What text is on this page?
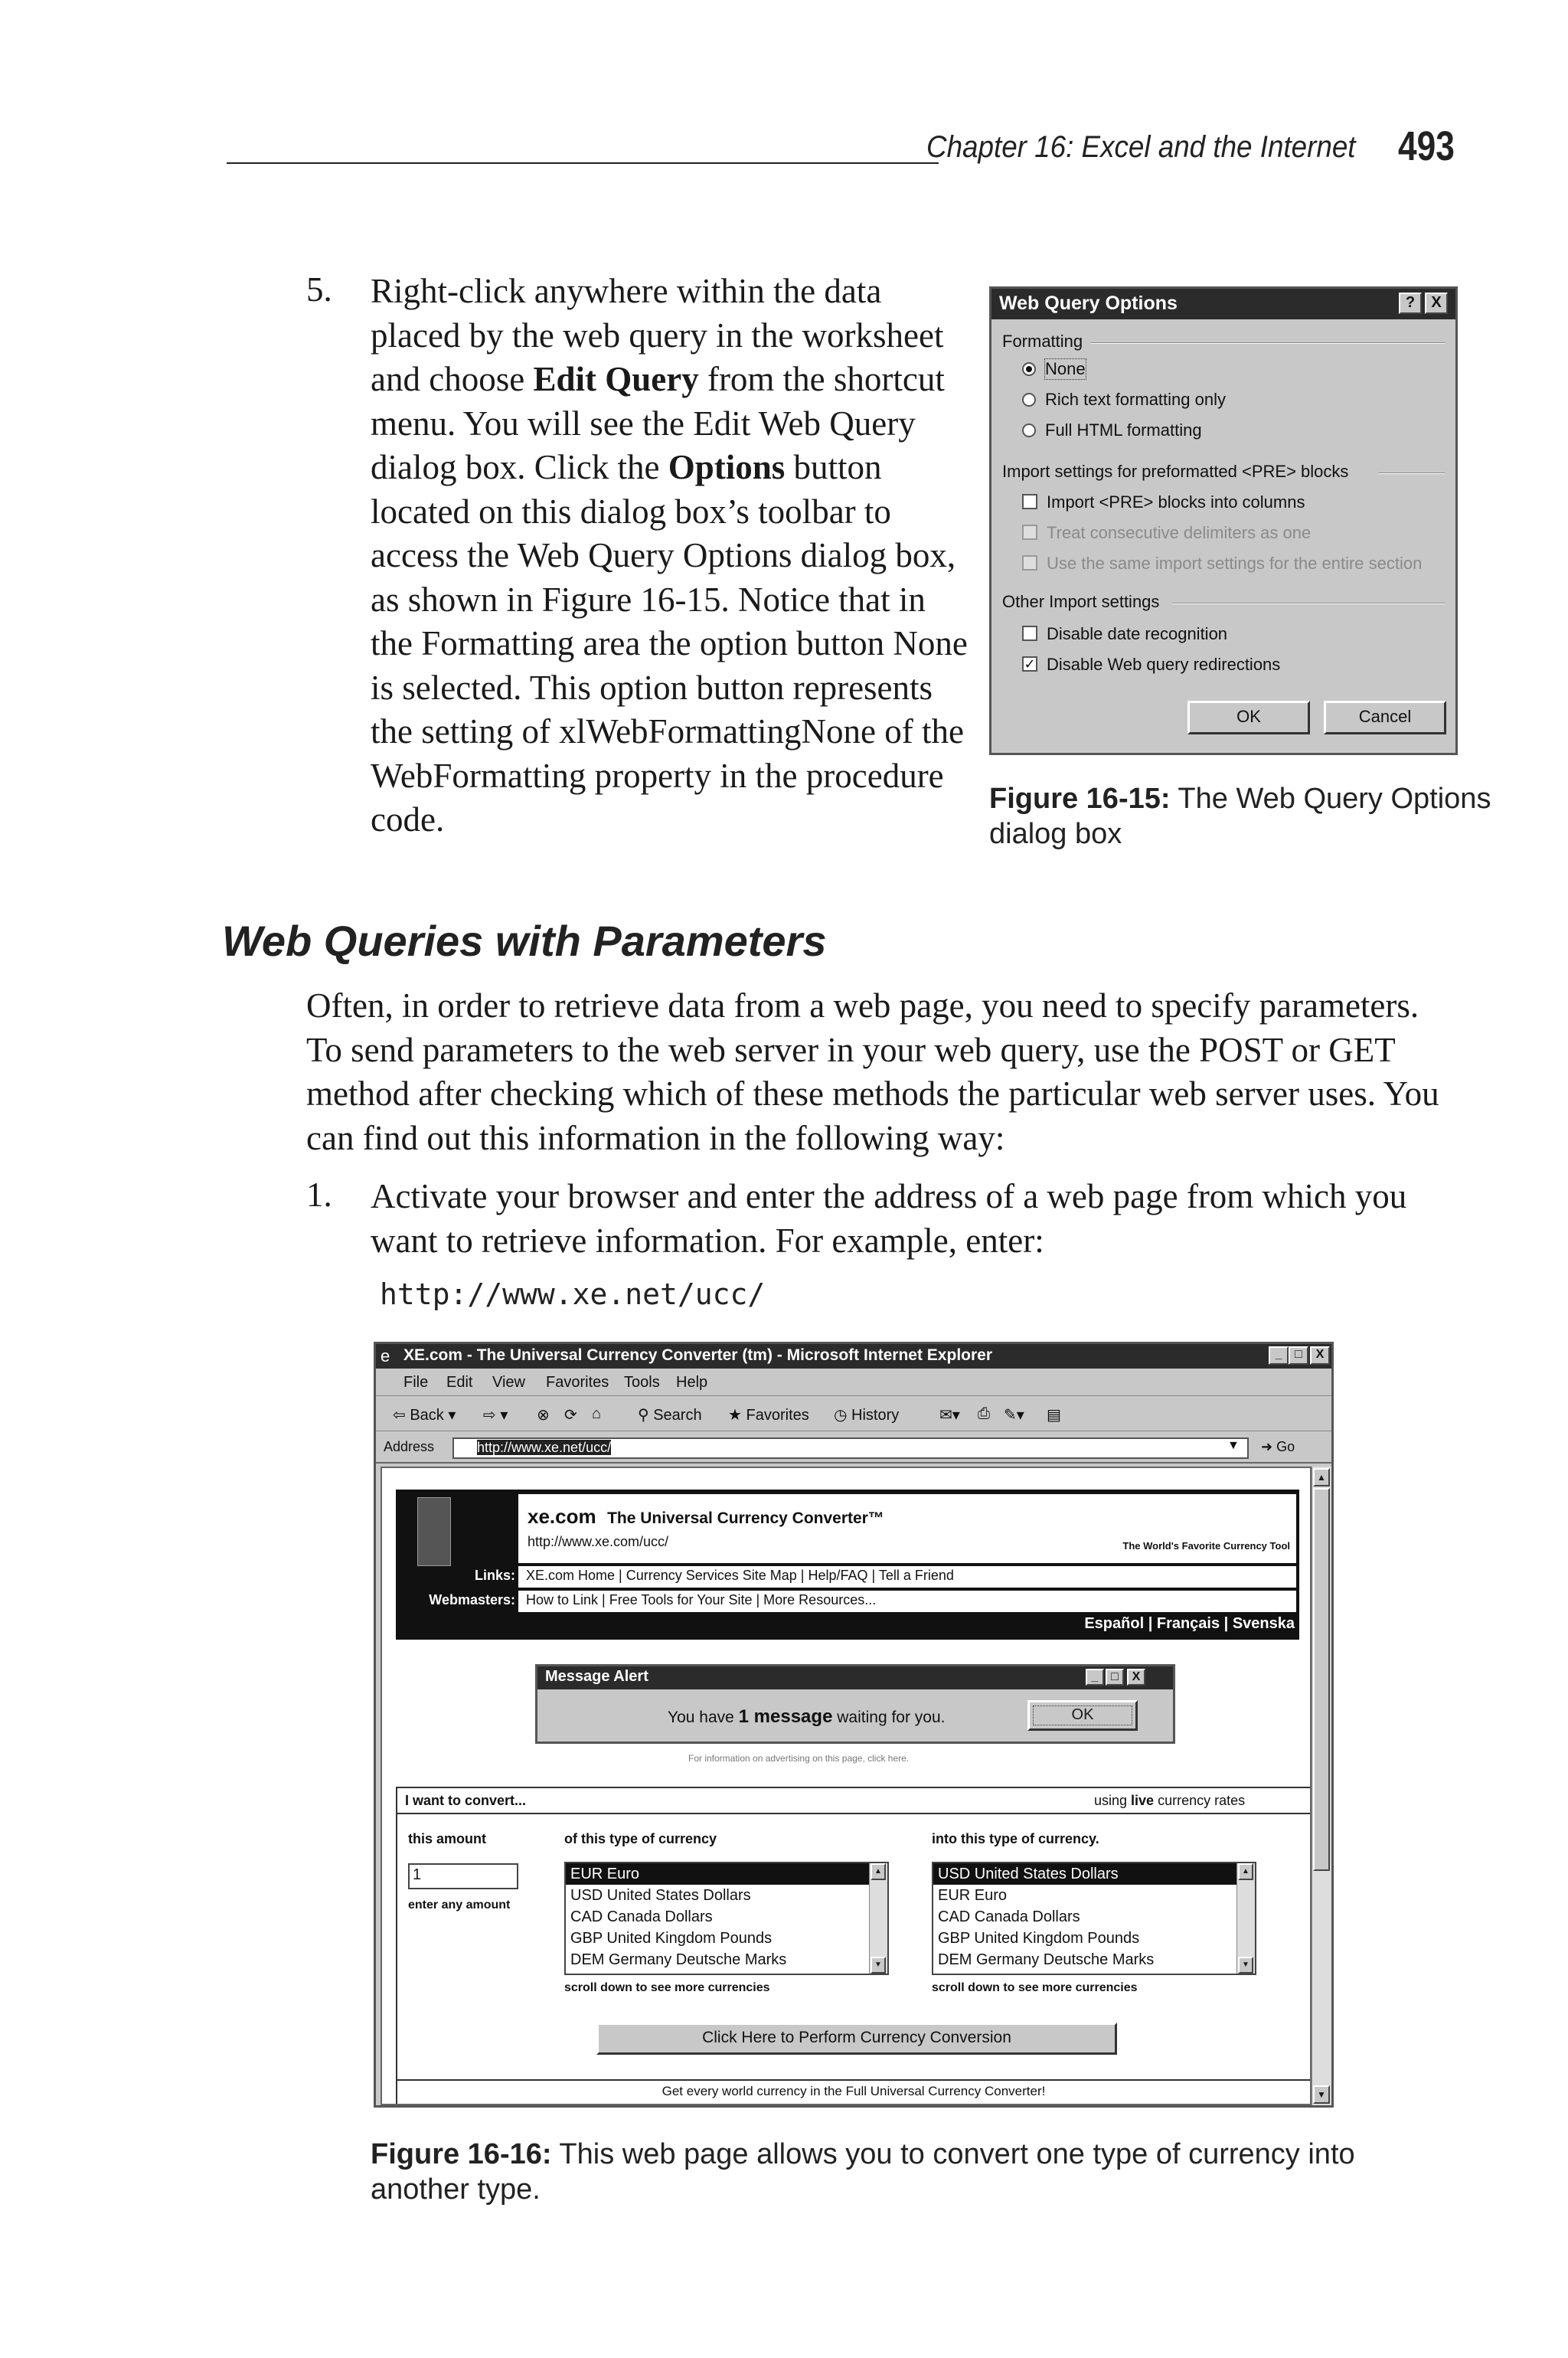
Chapter 16: Excel and the Internet 493
5. Right-click anywhere within the data placed by the web query in the worksheet and choose Edit Query from the shortcut menu. You will see the Edit Web Query dialog box. Click the Options button located on this dialog box’s toolbar to access the Web Query Options dialog box, as shown in Figure 16-15. Notice that in the Formatting area the option button None is selected. This option button represents the setting of xlWebFormattingNone of the WebFormatting property in the procedure code.
Web Query Options	?	X
Formatting
None
Rich text formatting only
Full HTML formatting
Import settings for preformatted <PRE> blocks
Import <PRE> blocks into columns
Treat consecutive delimiters as one
Use the same import settings for the entire section
Other Import settings
Disable date recognition
✓ Disable Web query redirections
OK	Cancel
Figure 16-15: The Web Query Options dialog box
Web Queries with Parameters
Often, in order to retrieve data from a web page, you need to specify parameters. To send parameters to the web server in your web query, use the POST or GET method after checking which of these methods the particular web server uses. You can find out this information in the following way:
1. Activate your browser and enter the address of a web page from which you want to retrieve information. For example, enter:
http://www.xe.net/ucc/
XE.com - The Universal Currency Converter (tm) - Microsoft Internet Explorer
e	_	□	X
File Edit View Favorites Tools Help
⇦ Back ▾ ⇨ ▾ ⊗ ⟳ ⌂ ⚲ Search ★ Favorites ◷ History	✉▾ ⎙ ✎▾ ▤
Address	http://www.xe.net/ucc/	▼ ➜ Go
xe.com The Universal Currency Converter™
http://www.xe.com/ucc/	The World's Favorite Currency Tool
Links: XE.com Home | Currency Services Site Map | Help/FAQ | Tell a Friend
Webmasters: How to Link | Free Tools for Your Site | More Resources...
Español | Français | Svenska
Message Alert	_	□	X
You have 1 message waiting for you.	OK
For information on advertising on this page, click here.
I want to convert...	using live currency rates
this amount
1
enter any amount
of this type of currency
EUR Euro
USD United States Dollars
CAD Canada Dollars
GBP United Kingdom Pounds
DEM Germany Deutsche Marks
▲
▼
scroll down to see more currencies
into this type of currency.
USD United States Dollars
EUR Euro
CAD Canada Dollars
GBP United Kingdom Pounds
DEM Germany Deutsche Marks
▲
▼
scroll down to see more currencies
Click Here to Perform Currency Conversion
Get every world currency in the Full Universal Currency Converter!
▲
▼
Figure 16-16: This web page allows you to convert one type of currency into another type.
